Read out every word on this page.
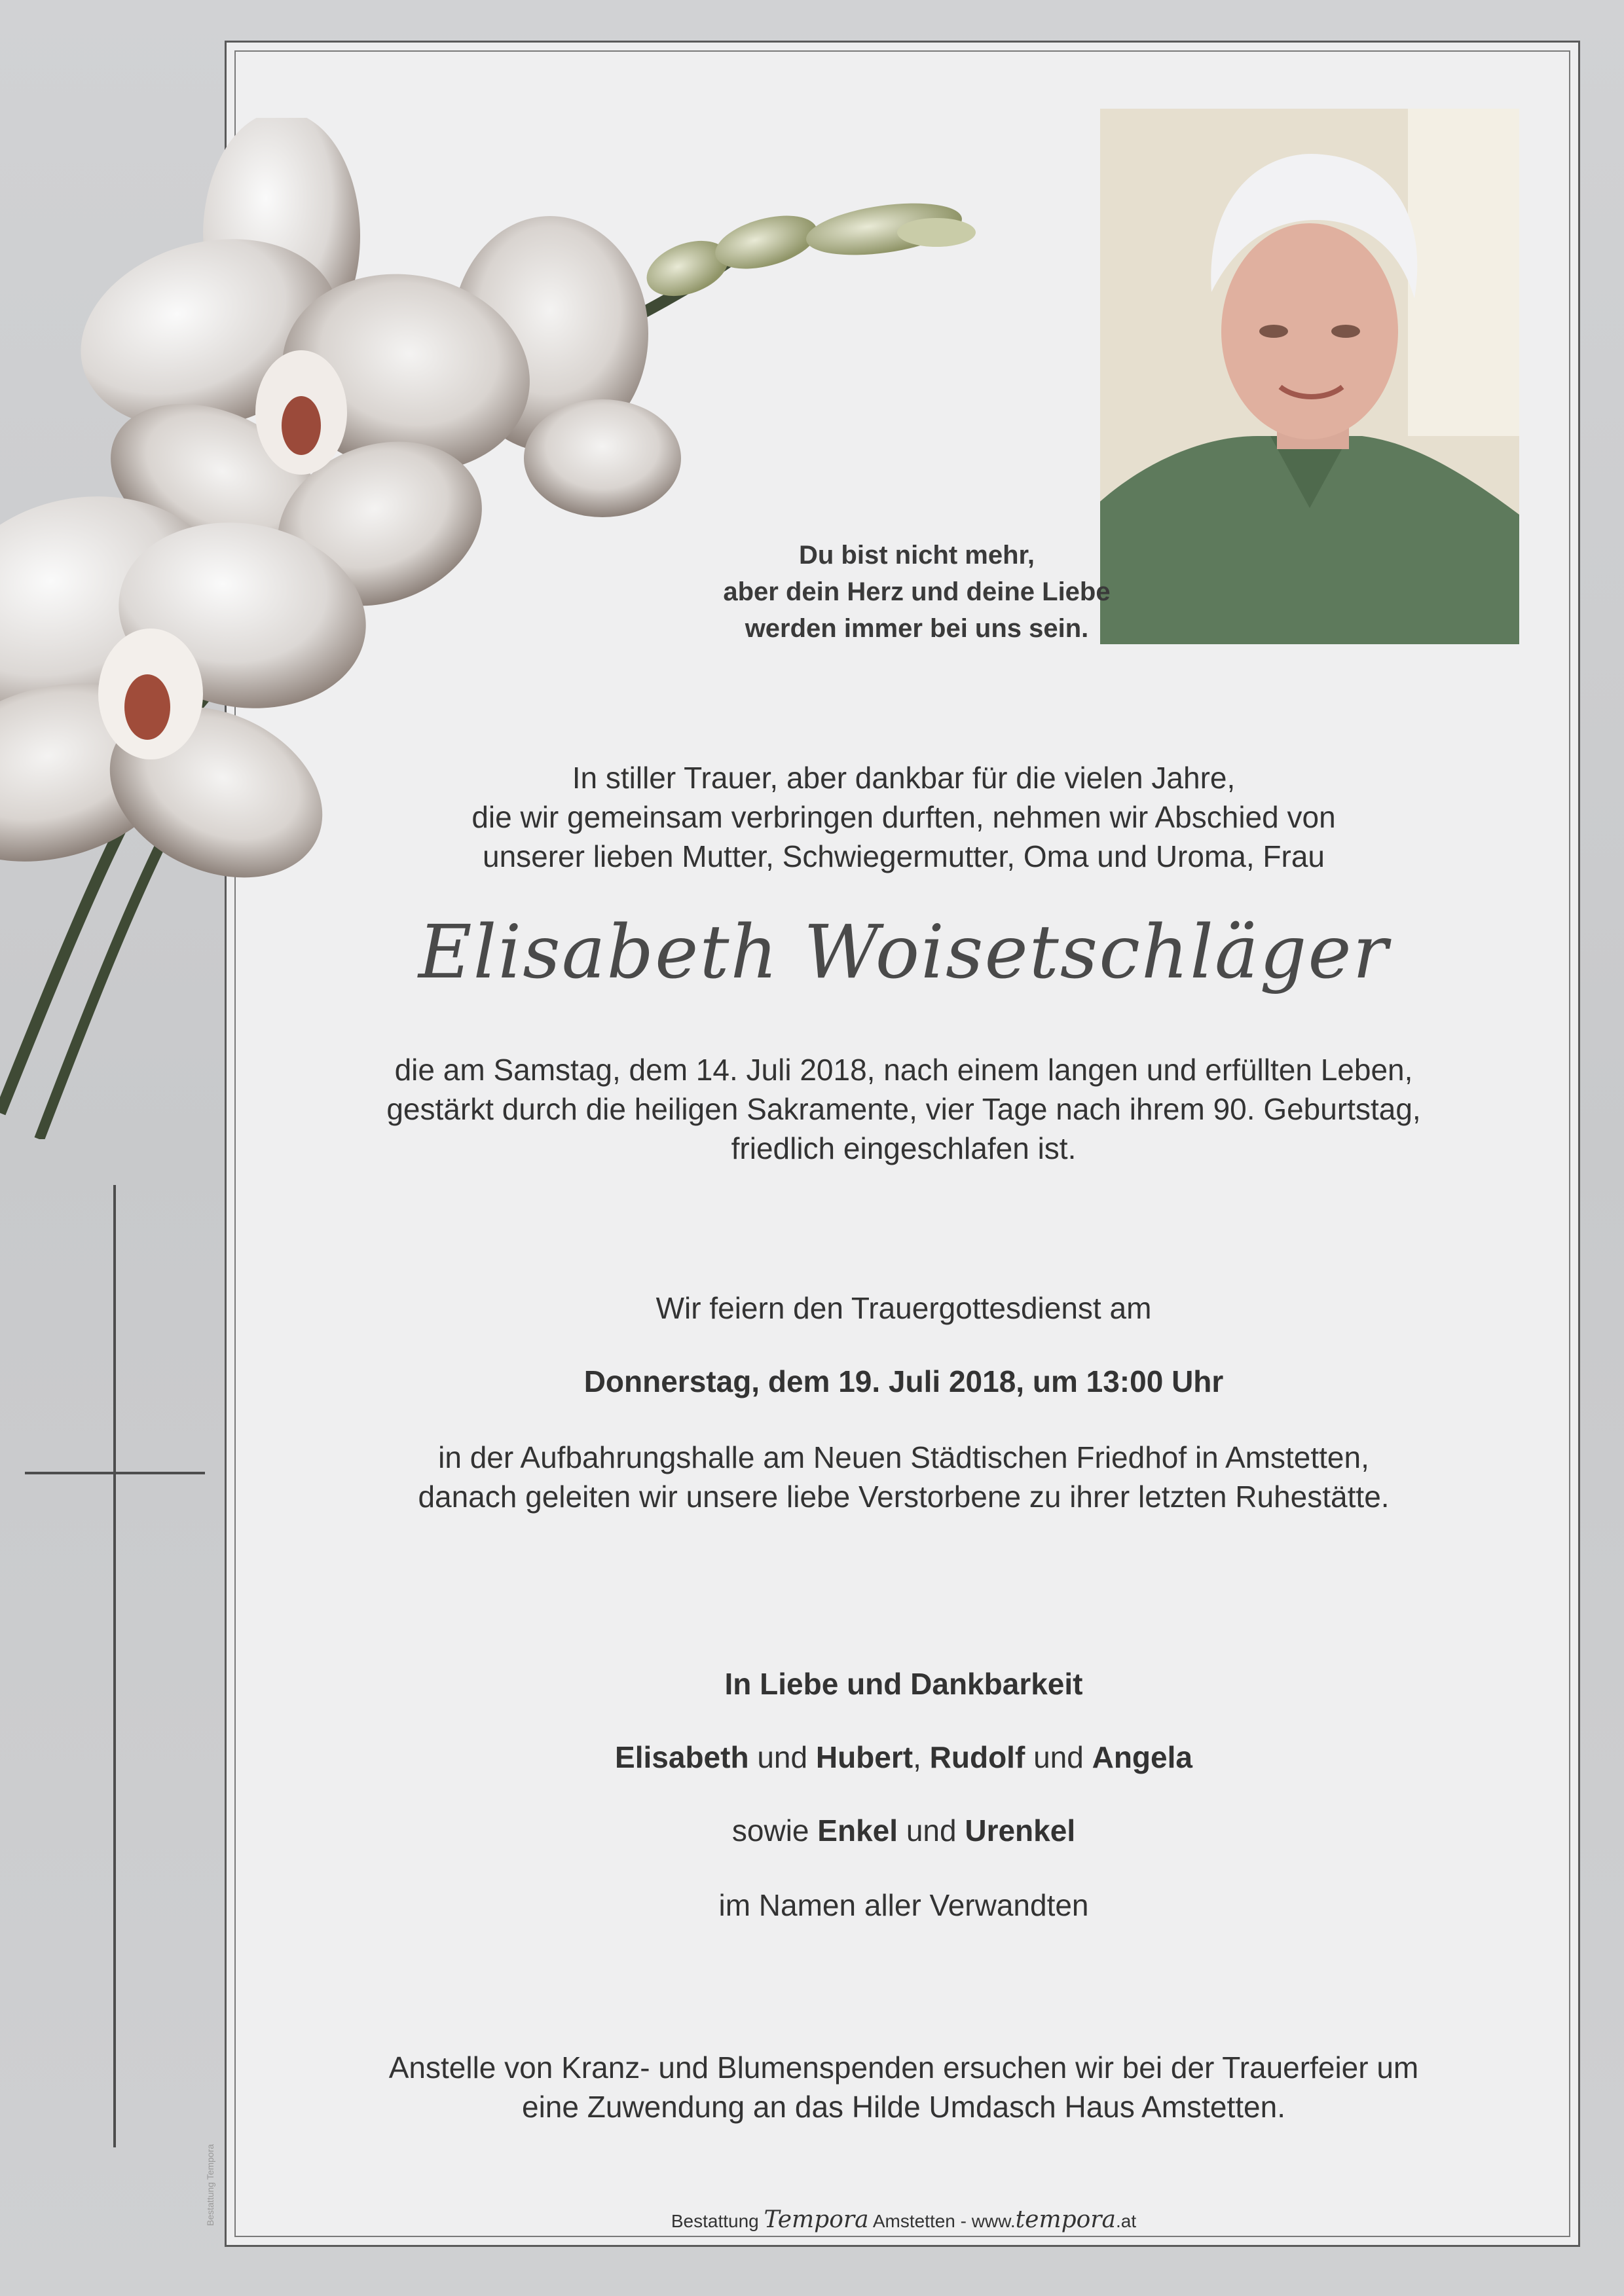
Bestattung Tempora

Du bist nicht mehr,

aber dein Herz und deine Liebe

werden immer bei uns sein.

In stiller Trauer, aber dankbar für die vielen Jahre,

die wir gemeinsam verbringen durften, nehmen wir Abschied von

unserer lieben Mutter, Schwiegermutter, Oma und Uroma, Frau

Elisabeth Woisetschläger

die am Samstag, dem 14. Juli 2018, nach einem langen und erfüllten Leben,

gestärkt durch die heiligen Sakramente, vier Tage nach ihrem 90. Geburtstag,

friedlich eingeschlafen ist.

Wir feiern den Trauergottesdienst am
Donnerstag, dem 19. Juli 2018, um 13:00 Uhr

in der Aufbahrungshalle am Neuen Städtischen Friedhof in Amstetten,

danach geleiten wir unsere liebe Verstorbene zu ihrer letzten Ruhestätte.

In Liebe und Dankbarkeit
Elisabeth und Hubert, Rudolf und Angela
sowie Enkel und Urenkel
im Namen aller Verwandten

Anstelle von Kranz- und Blumenspenden ersuchen wir bei der Trauerfeier um

eine Zuwendung an das Hilde Umdasch Haus Amstetten.

Bestattung Tempora Amstetten - www.tempora.at
